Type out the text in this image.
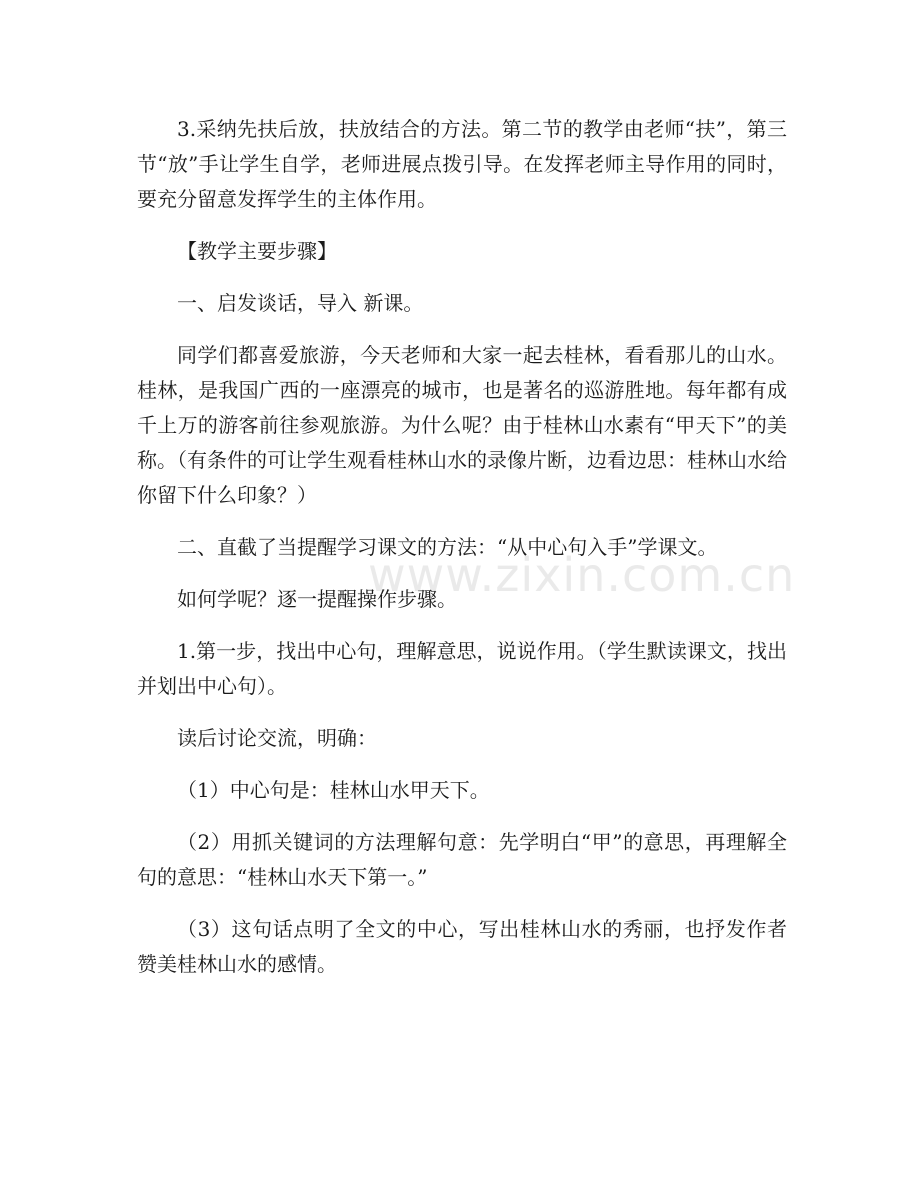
3.采纳先扶后放，扶放结合的方法。第二节的教学由老师“扶”，第三节“放”手让学生自学，老师进展点拨引导。在发挥老师主导作用的同时，要充分留意发挥学生的主体作用。

【教学主要步骤】

一、启发谈话，导入 新课。

同学们都喜爱旅游，今天老师和大家一起去桂林，看看那儿的山水。桂林，是我国广西的一座漂亮的城市，也是著名的巡游胜地。每年都有成千上万的游客前往参观旅游。为什么呢？由于桂林山水素有“甲天下”的美称。（有条件的可让学生观看桂林山水的录像片断，边看边思：桂林山水给你留下什么印象？）

二、直截了当提醒学习课文的方法：“从中心句入手”学课文。

如何学呢？逐一提醒操作步骤。

1.第一步，找出中心句，理解意思，说说作用。（学生默读课文，找出并划出中心句）。

读后讨论交流，明确：

（1）中心句是：桂林山水甲天下。

（2）用抓关键词的方法理解句意：先学明白“甲”的意思，再理解全句的意思：“桂林山水天下第一。”

（3）这句话点明了全文的中心，写出桂林山水的秀丽，也抒发作者赞美桂林山水的感情。

www.zixin.com.cn
